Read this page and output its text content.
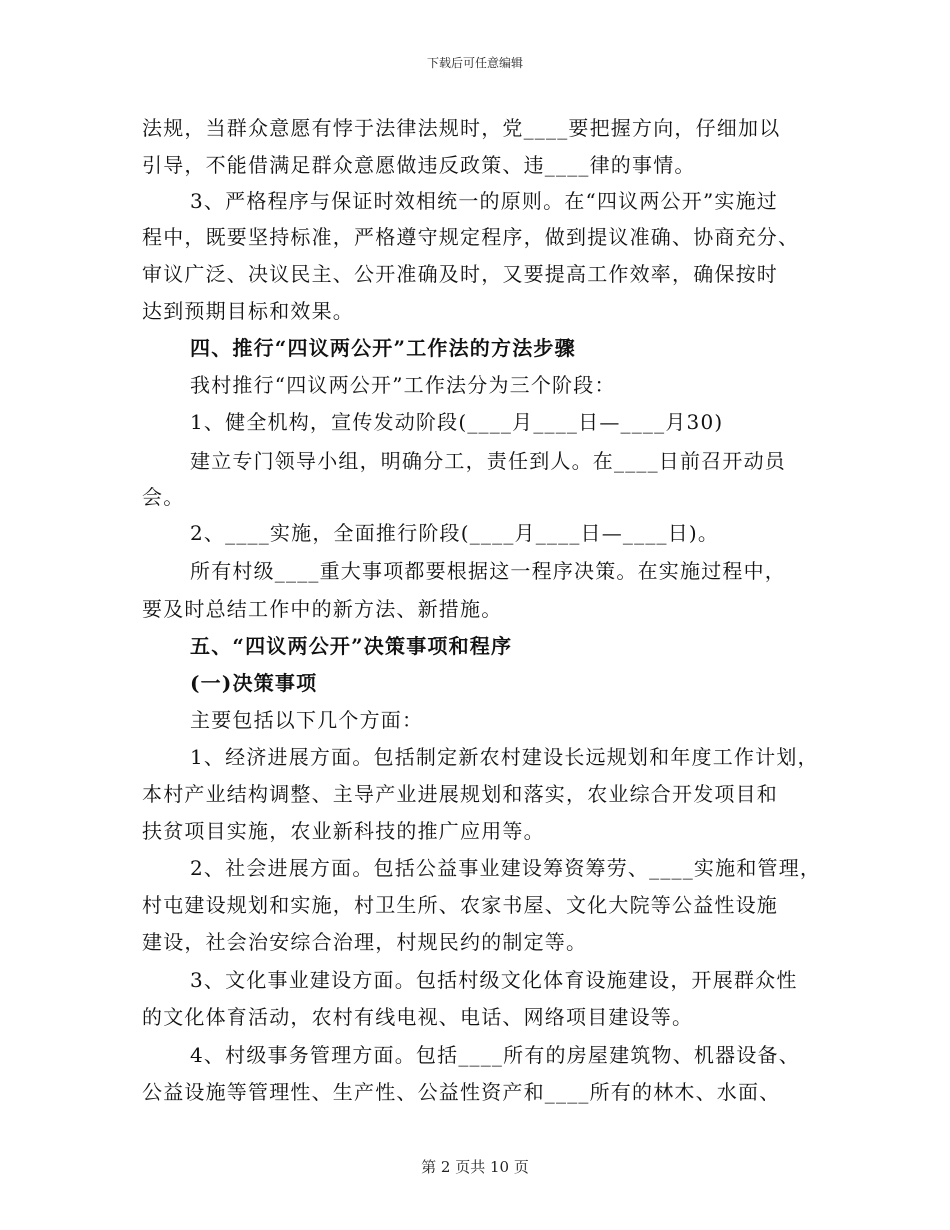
下载后可任意编辑
法规，当群众意愿有悖于法律法规时，党____要把握方向，仔细加以
引导，不能借满足群众意愿做违反政策、违____律的事情。
3、严格程序与保证时效相统一的原则。在“四议两公开”实施过
程中，既要坚持标准，严格遵守规定程序，做到提议准确、协商充分、
审议广泛、决议民主、公开准确及时，又要提高工作效率，确保按时
达到预期目标和效果。
四、推行“四议两公开”工作法的方法步骤
我村推行“四议两公开”工作法分为三个阶段：
1、健全机构，宣传发动阶段(____月____日—____月30)
建立专门领导小组，明确分工，责任到人。在____日前召开动员
会。
2、____实施，全面推行阶段(____月____日—____日)。
所有村级____重大事项都要根据这一程序决策。在实施过程中，
要及时总结工作中的新方法、新措施。
五、“四议两公开”决策事项和程序
(一)决策事项
主要包括以下几个方面：
1、经济进展方面。包括制定新农村建设长远规划和年度工作计划，
本村产业结构调整、主导产业进展规划和落实，农业综合开发项目和
扶贫项目实施，农业新科技的推广应用等。
2、社会进展方面。包括公益事业建设筹资筹劳、____实施和管理，
村屯建设规划和实施，村卫生所、农家书屋、文化大院等公益性设施
建设，社会治安综合治理，村规民约的制定等。
3、文化事业建设方面。包括村级文化体育设施建设，开展群众性
的文化体育活动，农村有线电视、电话、网络项目建设等。
4、村级事务管理方面。包括____所有的房屋建筑物、机器设备、
公益设施等管理性、生产性、公益性资产和____所有的林木、水面、
第 2 页共 10 页
